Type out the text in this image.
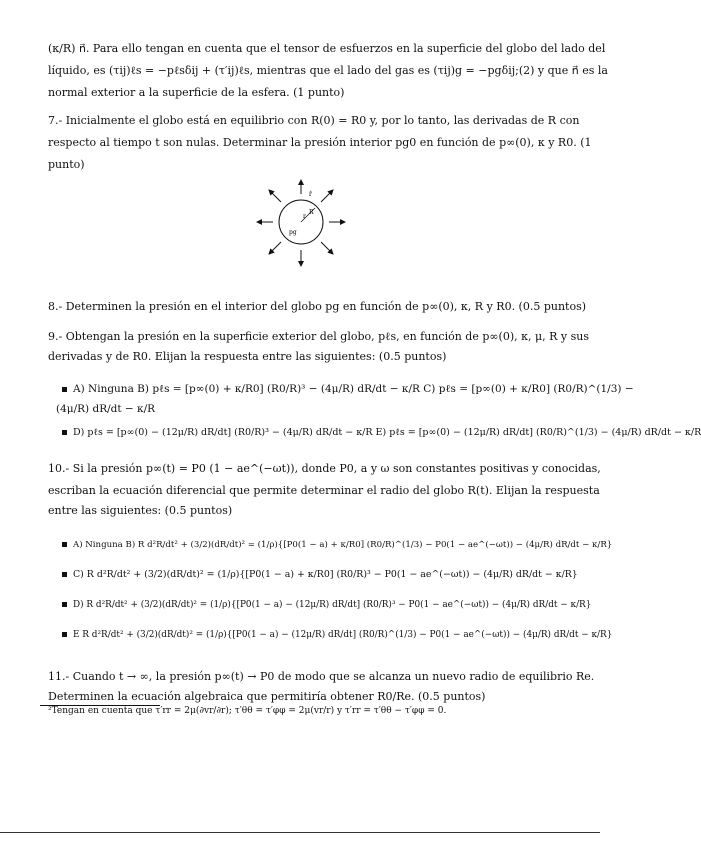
(κ/R) n⃗. Para ello tengan en cuenta que el tensor de esfuerzos en la superficie del globo del lado del
líquido, es (τij)ℓs = −pℓsδij + (τ′ij)ℓs, mientras que el lado del gas es (τij)g = −pgδij;(2) y que n⃗ es la
normal exterior a la superficie de la esfera. (1 punto)
7.- Inicialmente el globo está en equilibrio con R(0) = R0 y, por lo tanto, las derivadas de R con
respecto al tiempo t son nulas. Determinar la presión interior pg0 en función de p∞(0), κ y R0. (1
punto)
r
R
pg
r̂
8.- Determinen la presión en el interior del globo pg en función de p∞(0), κ, R y R0. (0.5 puntos)
9.- Obtengan la presión en la superficie exterior del globo, pℓs, en función de p∞(0), κ, μ, R y sus
derivadas y de R0. Elijan la respuesta entre las siguientes: (0.5 puntos)
A) Ninguna B) pℓs = [p∞(0) + κ/R0] (R0/R)³ − (4μ/R) dR/dt − κ/R C) pℓs = [p∞(0) + κ/R0] (R0/R)^(1/3) −
(4μ/R) dR/dt − κ/R
D) pℓs = [p∞(0) − (12μ/R) dR/dt] (R0/R)³ − (4μ/R) dR/dt − κ/R E) pℓs = [p∞(0) − (12μ/R) dR/dt] (R0/R)^(1/3) − (4μ/R) dR/dt − κ/R
10.- Si la presión p∞(t) = P0 (1 − ae^(−ωt)), donde P0, a y ω son constantes positivas y conocidas,
escriban la ecuación diferencial que permite determinar el radio del globo R(t). Elijan la respuesta
entre las siguientes: (0.5 puntos)
A) Ninguna B) R d²R/dt² + (3/2)(dR/dt)² = (1/ρ){[P0(1 − a) + κ/R0] (R0/R)^(1/3) − P0(1 − ae^(−ωt)) − (4μ/R) dR/dt − κ/R}
C) R d²R/dt² + (3/2)(dR/dt)² = (1/ρ){[P0(1 − a) + κ/R0] (R0/R)³ − P0(1 − ae^(−ωt)) − (4μ/R) dR/dt − κ/R}
D) R d²R/dt² + (3/2)(dR/dt)² = (1/ρ){[P0(1 − a) − (12μ/R) dR/dt] (R0/R)³ − P0(1 − ae^(−ωt)) − (4μ/R) dR/dt − κ/R}
E R d²R/dt² + (3/2)(dR/dt)² = (1/ρ){[P0(1 − a) − (12μ/R) dR/dt] (R0/R)^(1/3) − P0(1 − ae^(−ωt)) − (4μ/R) dR/dt − κ/R}
11.- Cuando t → ∞, la presión p∞(t) → P0 de modo que se alcanza un nuevo radio de equilibrio Re.
Determinen la ecuación algebraica que permitiría obtener R0/Re. (0.5 puntos)
²Tengan en cuenta que τ′rr = 2μ(∂vr/∂r); τ′θθ = τ′φφ = 2μ(vr/r) y τ′rr = τ′θθ − τ′φφ = 0.
